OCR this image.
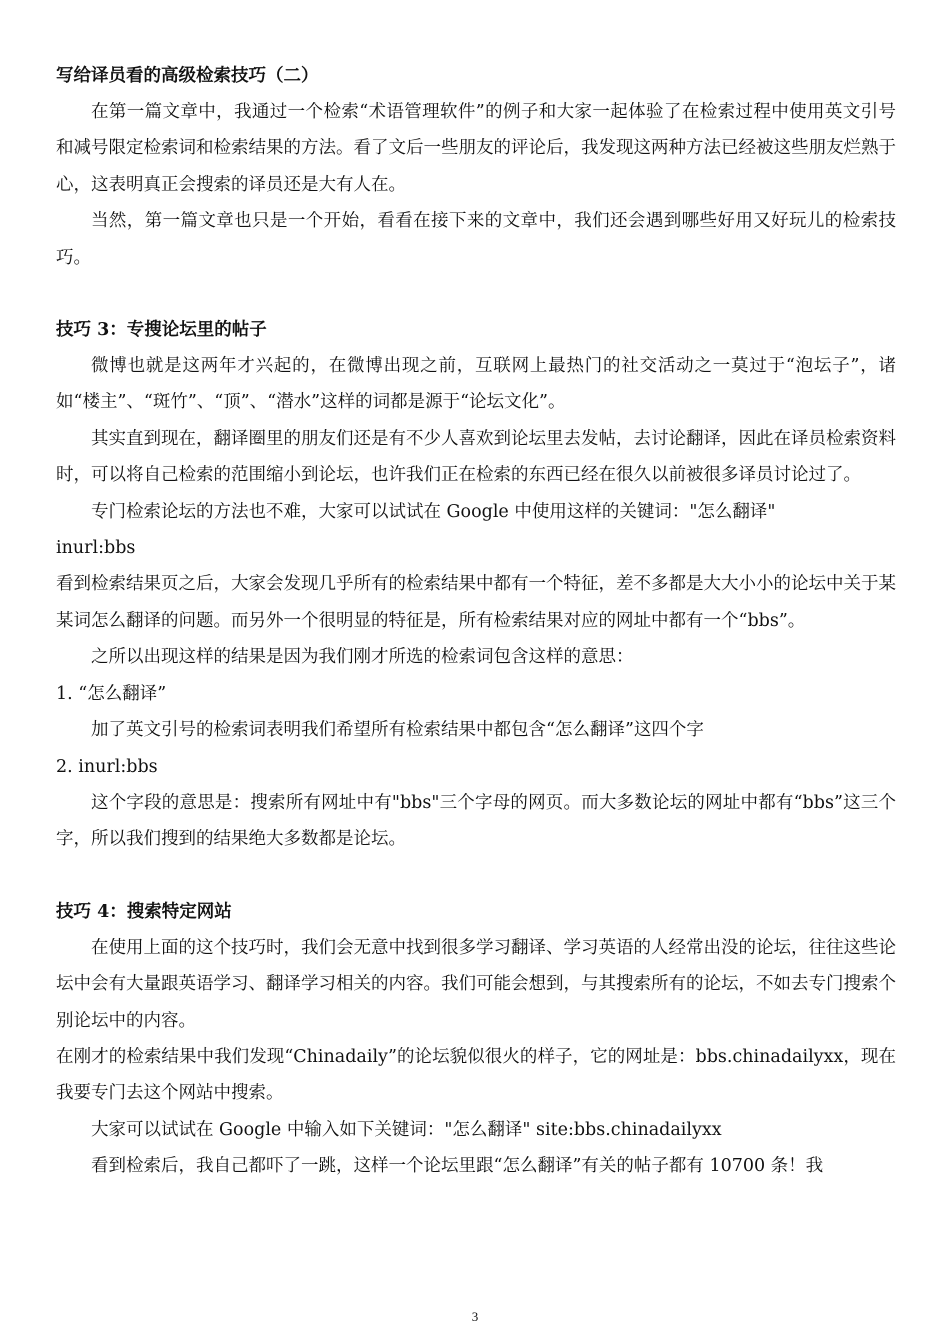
写给译员看的高级检索技巧（二）

在第一篇文章中，我通过一个检索“术语管理软件”的例子和大家一起体验了在检索过程中使用英文引号和减号限定检索词和检索结果的方法。看了文后一些朋友的评论后，我发现这两种方法已经被这些朋友烂熟于心，这表明真正会搜索的译员还是大有人在。

当然，第一篇文章也只是一个开始，看看在接下来的文章中，我们还会遇到哪些好用又好玩儿的检索技巧。

技巧 3：专搜论坛里的帖子

微博也就是这两年才兴起的，在微博出现之前，互联网上最热门的社交活动之一莫过于“泡坛子”，诸如“楼主”、“斑竹”、“顶”、“潜水”这样的词都是源于“论坛文化”。

其实直到现在，翻译圈里的朋友们还是有不少人喜欢到论坛里去发帖，去讨论翻译，因此在译员检索资料时，可以将自己检索的范围缩小到论坛，也许我们正在检索的东西已经在很久以前被很多译员讨论过了。

专门检索论坛的方法也不难，大家可以试试在 Google 中使用这样的关键词："怎么翻译"

inurl:bbs

看到检索结果页之后，大家会发现几乎所有的检索结果中都有一个特征，差不多都是大大小小的论坛中关于某某词怎么翻译的问题。而另外一个很明显的特征是，所有检索结果对应的网址中都有一个“bbs”。

之所以出现这样的结果是因为我们刚才所选的检索词包含这样的意思：

1. “怎么翻译”

加了英文引号的检索词表明我们希望所有检索结果中都包含“怎么翻译”这四个字

2. inurl:bbs

这个字段的意思是：搜索所有网址中有"bbs"三个字母的网页。而大多数论坛的网址中都有“bbs”这三个字，所以我们搜到的结果绝大多数都是论坛。

技巧 4：搜索特定网站

在使用上面的这个技巧时，我们会无意中找到很多学习翻译、学习英语的人经常出没的论坛，往往这些论坛中会有大量跟英语学习、翻译学习相关的内容。我们可能会想到，与其搜索所有的论坛，不如去专门搜索个别论坛中的内容。

在刚才的检索结果中我们发现“Chinadaily”的论坛貌似很火的样子，它的网址是：bbs.chinadailyxx，现在我要专门去这个网站中搜索。

大家可以试试在 Google 中输入如下关键词："怎么翻译" site:bbs.chinadailyxx

看到检索后，我自己都吓了一跳，这样一个论坛里跟“怎么翻译”有关的帖子都有 10700 条！我

3
